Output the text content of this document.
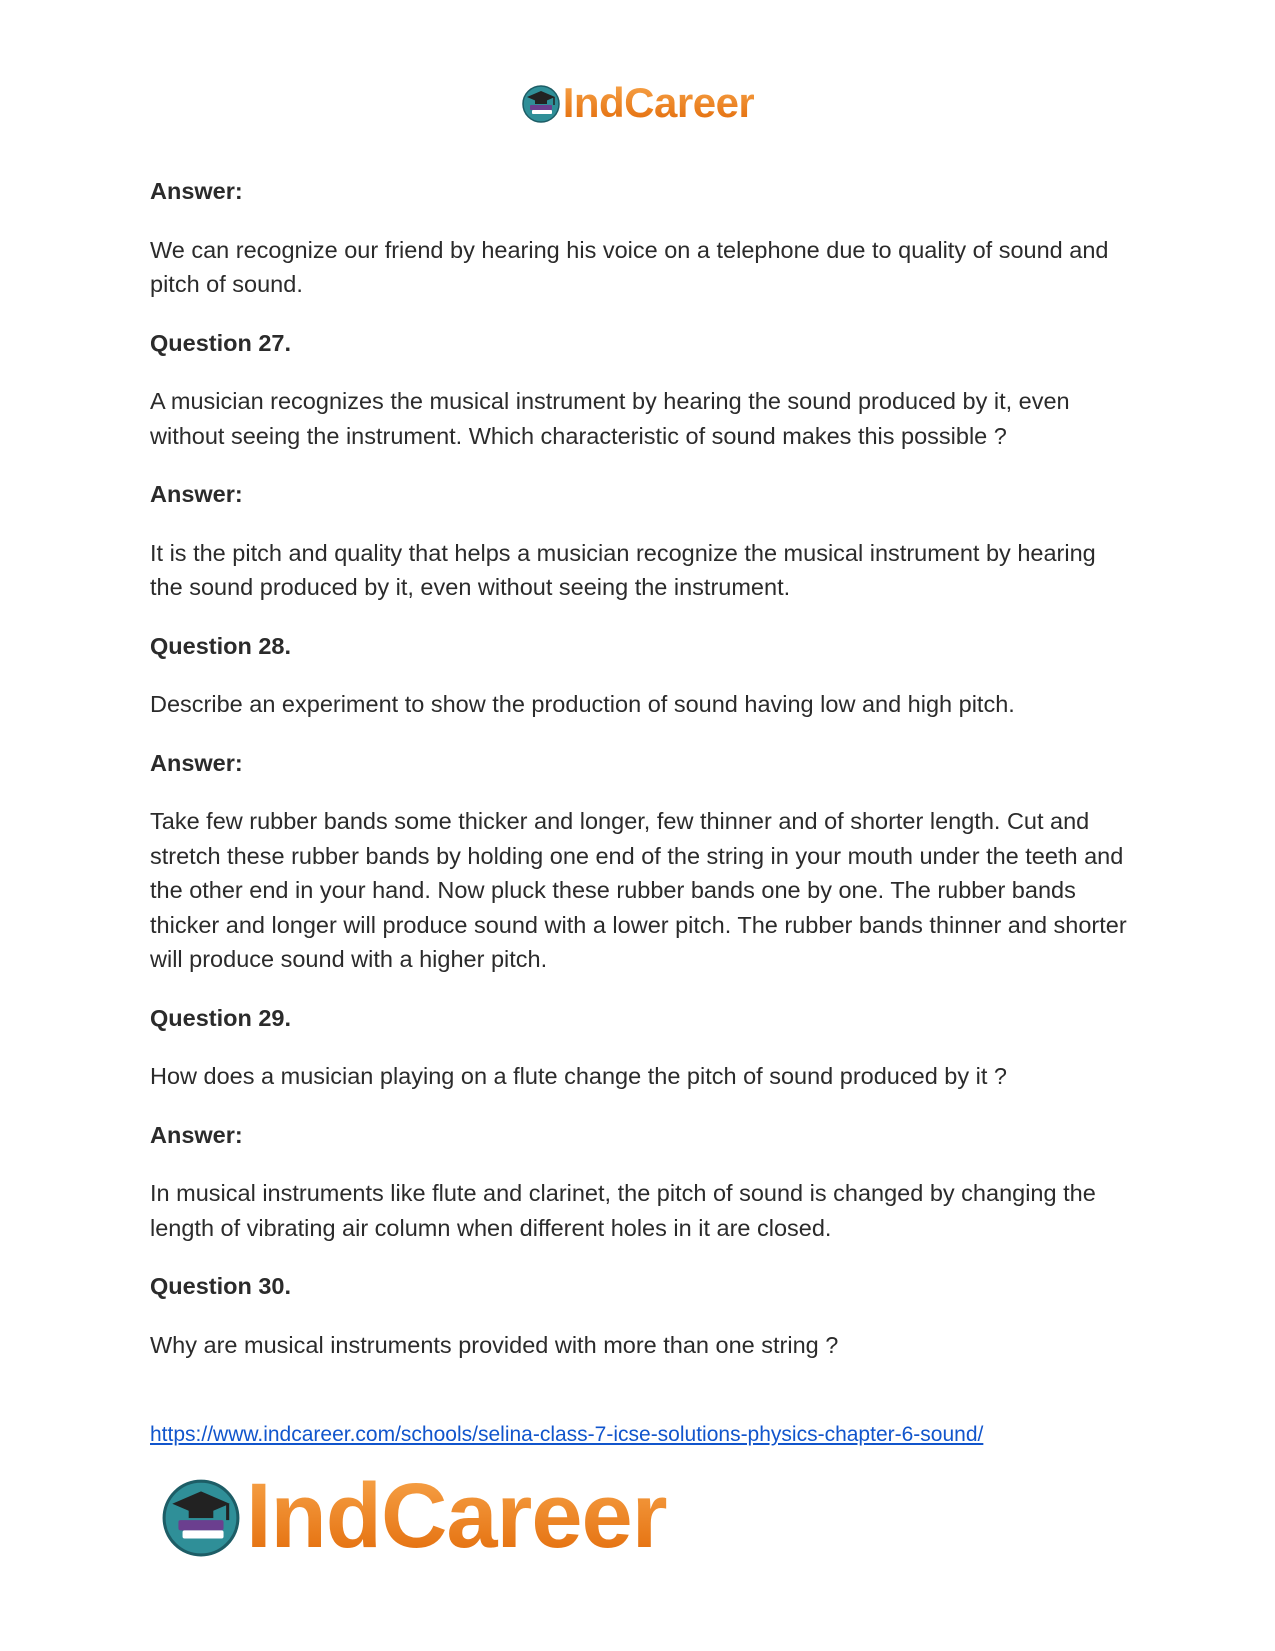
IndCareer

Answer:

We can recognize our friend by hearing his voice on a telephone due to quality of sound and pitch of sound.

Question 27.

A musician recognizes the musical instrument by hearing the sound produced by it, even without seeing the instrument. Which characteristic of sound makes this possible ?

Answer:

It is the pitch and quality that helps a musician recognize the musical instrument by hearing the sound produced by it, even without seeing the instrument.

Question 28.

Describe an experiment to show the production of sound having low and high pitch.

Answer:

Take few rubber bands some thicker and longer, few thinner and of shorter length. Cut and stretch these rubber bands by holding one end of the string in your mouth under the teeth and the other end in your hand. Now pluck these rubber bands one by one. The rubber bands thicker and longer will produce sound with a lower pitch. The rubber bands thinner and shorter will produce sound with a higher pitch.

Question 29.

How does a musician playing on a flute change the pitch of sound produced by it ?

Answer:

In musical instruments like flute and clarinet, the pitch of sound is changed by changing the length of vibrating air column when different holes in it are closed.

Question 30.

Why are musical instruments provided with more than one string ?

https://www.indcareer.com/schools/selina-class-7-icse-solutions-physics-chapter-6-sound/
IndCareer
